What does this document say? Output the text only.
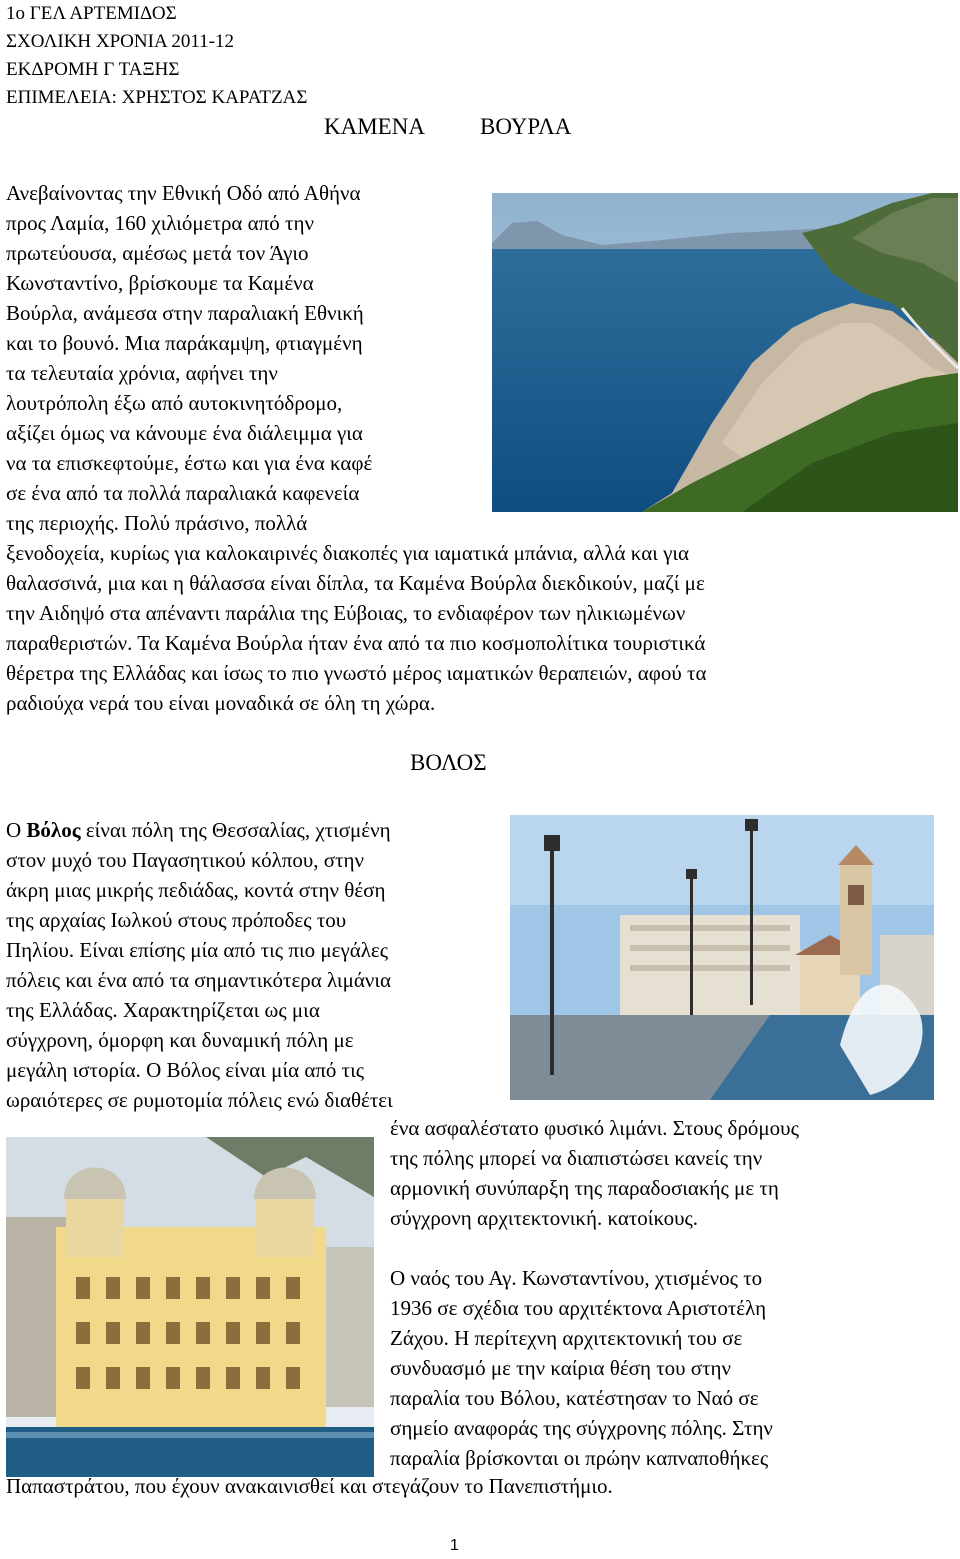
1ο ΓΕΛ ΑΡΤΕΜΙΔΟΣ
ΣΧΟΛΙΚΗ ΧΡΟΝΙΑ 2011-12
ΕΚΔΡΟΜΗ Γ ΤΑΞΗΣ
ΕΠΙΜΕΛΕΙΑ: ΧΡΗΣΤΟΣ ΚΑΡΑΤΖΑΣ
ΚΑΜΕΝΑ ΒΟΥΡΛΑ
Ανεβαίνοντας την Εθνική Οδό από Αθήνα
προς Λαμία, 160 χιλιόμετρα από την
πρωτεύουσα, αμέσως μετά τον Άγιο
Κωνσταντίνο, βρίσκουμε τα Καμένα
Βούρλα, ανάμεσα στην παραλιακή Εθνική
και το βουνό. Μια παράκαμψη, φτιαγμένη
τα τελευταία χρόνια, αφήνει την
λουτρόπολη έξω από αυτοκινητόδρομο,
αξίζει όμως να κάνουμε ένα διάλειμμα για
να τα επισκεφτούμε, έστω και για ένα καφέ
σε ένα από τα πολλά παραλιακά καφενεία
της περιοχής. Πολύ πράσινο, πολλά
ξενοδοχεία, κυρίως για καλοκαιρινές διακοπές για ιαματικά μπάνια, αλλά και για
θαλασσινά, μια και η θάλασσα είναι δίπλα, τα Καμένα Βούρλα διεκδικούν, μαζί με
την Αιδηψό στα απέναντι παράλια της Εύβοιας, το ενδιαφέρον των ηλικιωμένων
παραθεριστών. Τα Καμένα Βούρλα ήταν ένα από τα πιο κοσμοπολίτικα τουριστικά
θέρετρα της Ελλάδας και ίσως το πιο γνωστό μέρος ιαματικών θεραπειών, αφού τα
ραδιούχα νερά του είναι μοναδικά σε όλη τη χώρα.
ΒΟΛΟΣ
Ο Βόλος είναι πόλη της Θεσσαλίας, χτισμένη
στον μυχό του Παγασητικού κόλπου, στην
άκρη μιας μικρής πεδιάδας, κοντά στην θέση
της αρχαίας Ιωλκού στους πρόποδες του
Πηλίου. Είναι επίσης μία από τις πιο μεγάλες
πόλεις και ένα από τα σημαντικότερα λιμάνια
της Ελλάδας. Χαρακτηρίζεται ως μια
σύγχρονη, όμορφη και δυναμική πόλη με
μεγάλη ιστορία. Ο Βόλος είναι μία από τις
ωραιότερες σε ρυμοτομία πόλεις ενώ διαθέτει
ένα ασφαλέστατο φυσικό λιμάνι. Στους δρόμους
της πόλης μπορεί να διαπιστώσει κανείς την
αρμονική συνύπαρξη της παραδοσιακής με τη
σύγχρονη αρχιτεκτονική. κατοίκους.
Ο ναός του Αγ. Κωνσταντίνου, χτισμένος το
1936 σε σχέδια του αρχιτέκτονα Αριστοτέλη
Ζάχου. Η περίτεχνη αρχιτεκτονική του σε
συνδυασμό με την καίρια θέση του στην
παραλία του Βόλου, κατέστησαν το Ναό σε
σημείο αναφοράς της σύγχρονης πόλης. Στην
παραλία βρίσκονται οι πρώην καπναποθήκες
Παπαστράτου, που έχουν ανακαινισθεί και στεγάζουν το Πανεπιστήμιο.
1
